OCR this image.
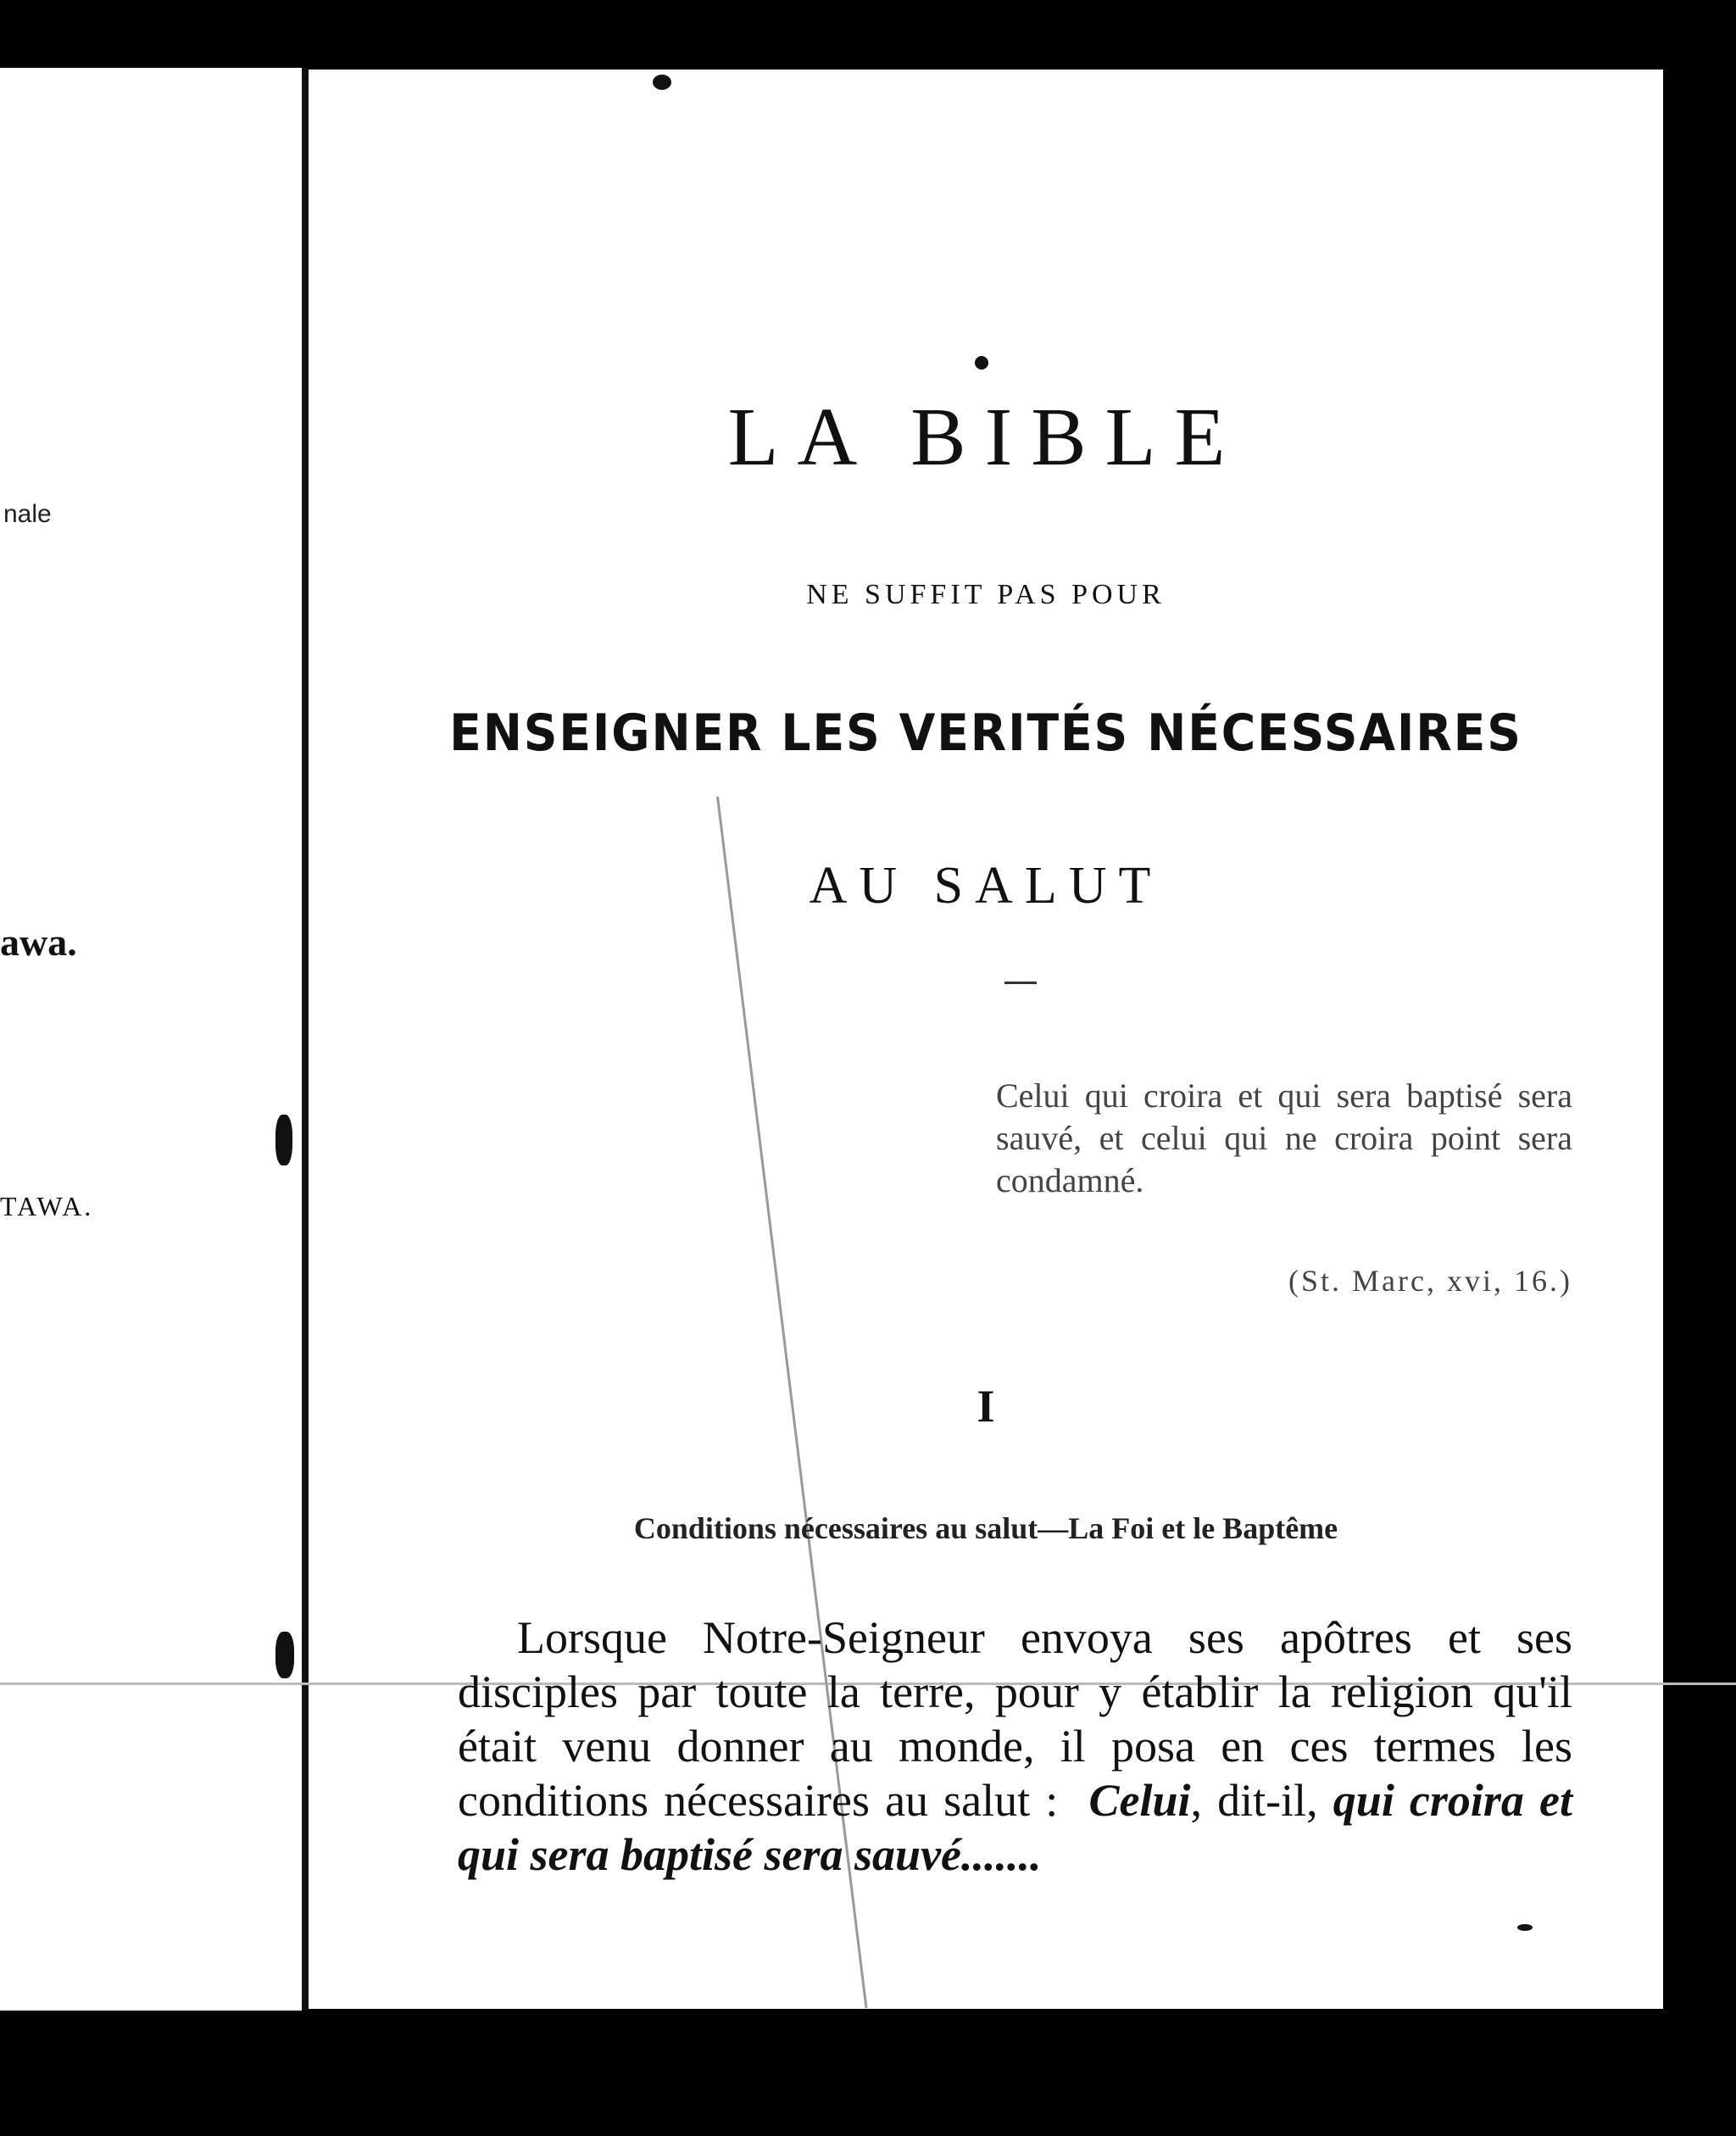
nale
awa.
TAWA.
LA BIBLE
NE SUFFIT PAS POUR
ENSEIGNER LES VERITÉS NÉCESSAIRES
AU SALUT
Celui qui croira et qui sera baptisé sera sauvé, et celui qui ne croira point sera condamné.
(St. Marc, xvi, 16.)
I
Conditions nécessaires au salut—La Foi et le Baptême
Lorsque Notre-Seigneur envoya ses apôtres et ses disciples par toute la terre, pour y établir la religion qu'il était venu donner au monde, il posa en ces termes les conditions nécessaires au salut : Celui, dit-il, qui croira et qui sera baptisé sera sauvé.......
